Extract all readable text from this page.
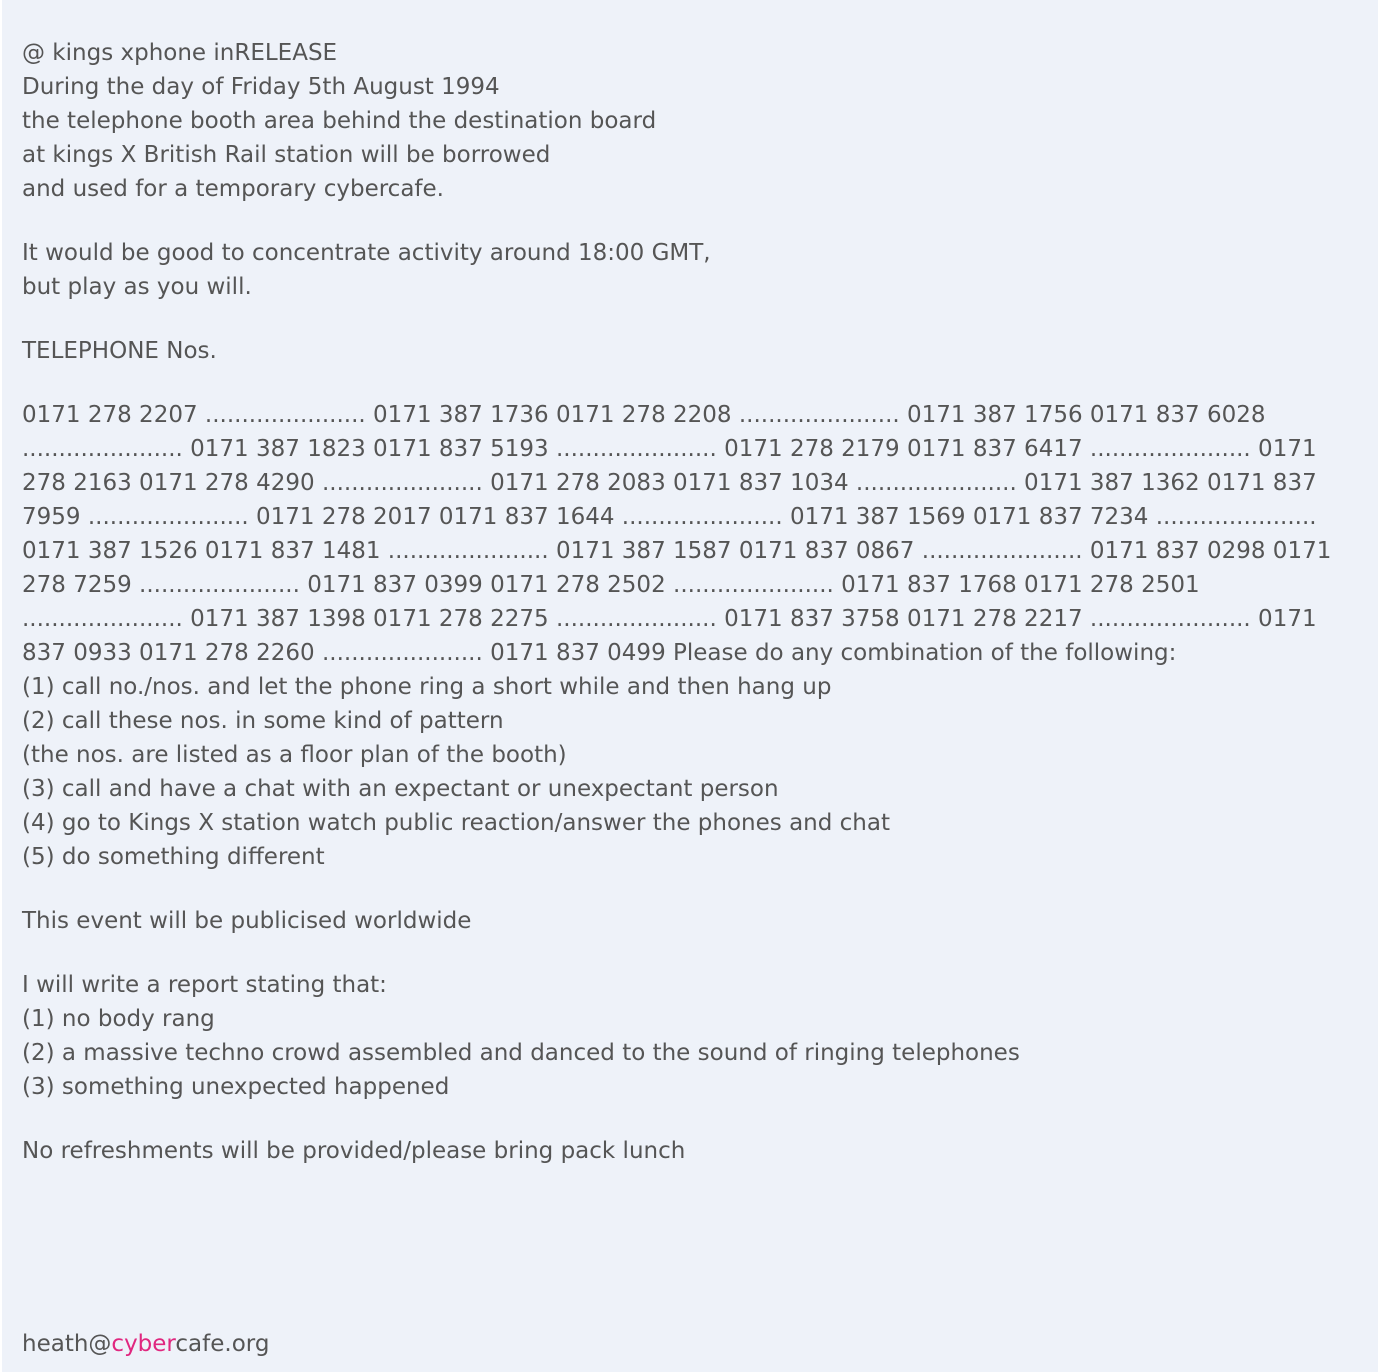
@ kings xphone inRELEASE
During the day of Friday 5th August 1994
the telephone booth area behind the destination board
at kings X British Rail station will be borrowed
and used for a temporary cybercafe.
It would be good to concentrate activity around 18:00 GMT,
but play as you will.
TELEPHONE Nos.

0171 278 2207 ...................... 0171 387 1736 0171 278 2208 ...................... 0171 387 1756 0171 837 6028 ...................... 0171 387 1823 0171 837 5193 ...................... 0171 278 2179 0171 837 6417 ...................... 0171 278 2163 0171 278 4290 ...................... 0171 278 2083 0171 837 1034 ...................... 0171 387 1362 0171 837 7959 ...................... 0171 278 2017 0171 837 1644 ...................... 0171 387 1569 0171 837 7234 ...................... 0171 387 1526 0171 837 1481 ...................... 0171 387 1587 0171 837 0867 ...................... 0171 837 0298 0171 278 7259 ...................... 0171 837 0399 0171 278 2502 ...................... 0171 837 1768 0171 278 2501 ...................... 0171 387 1398 0171 278 2275 ...................... 0171 837 3758 0171 278 2217 ...................... 0171 837 0933 0171 278 2260 ...................... 0171 837 0499 Please do any combination of the following:

(1) call no./nos. and let the phone ring a short while and then hang up
(2) call these nos. in some kind of pattern
(the nos. are listed as a floor plan of the booth)
(3) call and have a chat with an expectant or unexpectant person
(4) go to Kings X station watch public reaction/answer the phones and chat
(5) do something different
This event will be publicised worldwide
I will write a report stating that:
(1) no body rang
(2) a massive techno crowd assembled and danced to the sound of ringing telephones
(3) something unexpected happened
No refreshments will be provided/please bring pack lunch

heath@cybercafe.org
